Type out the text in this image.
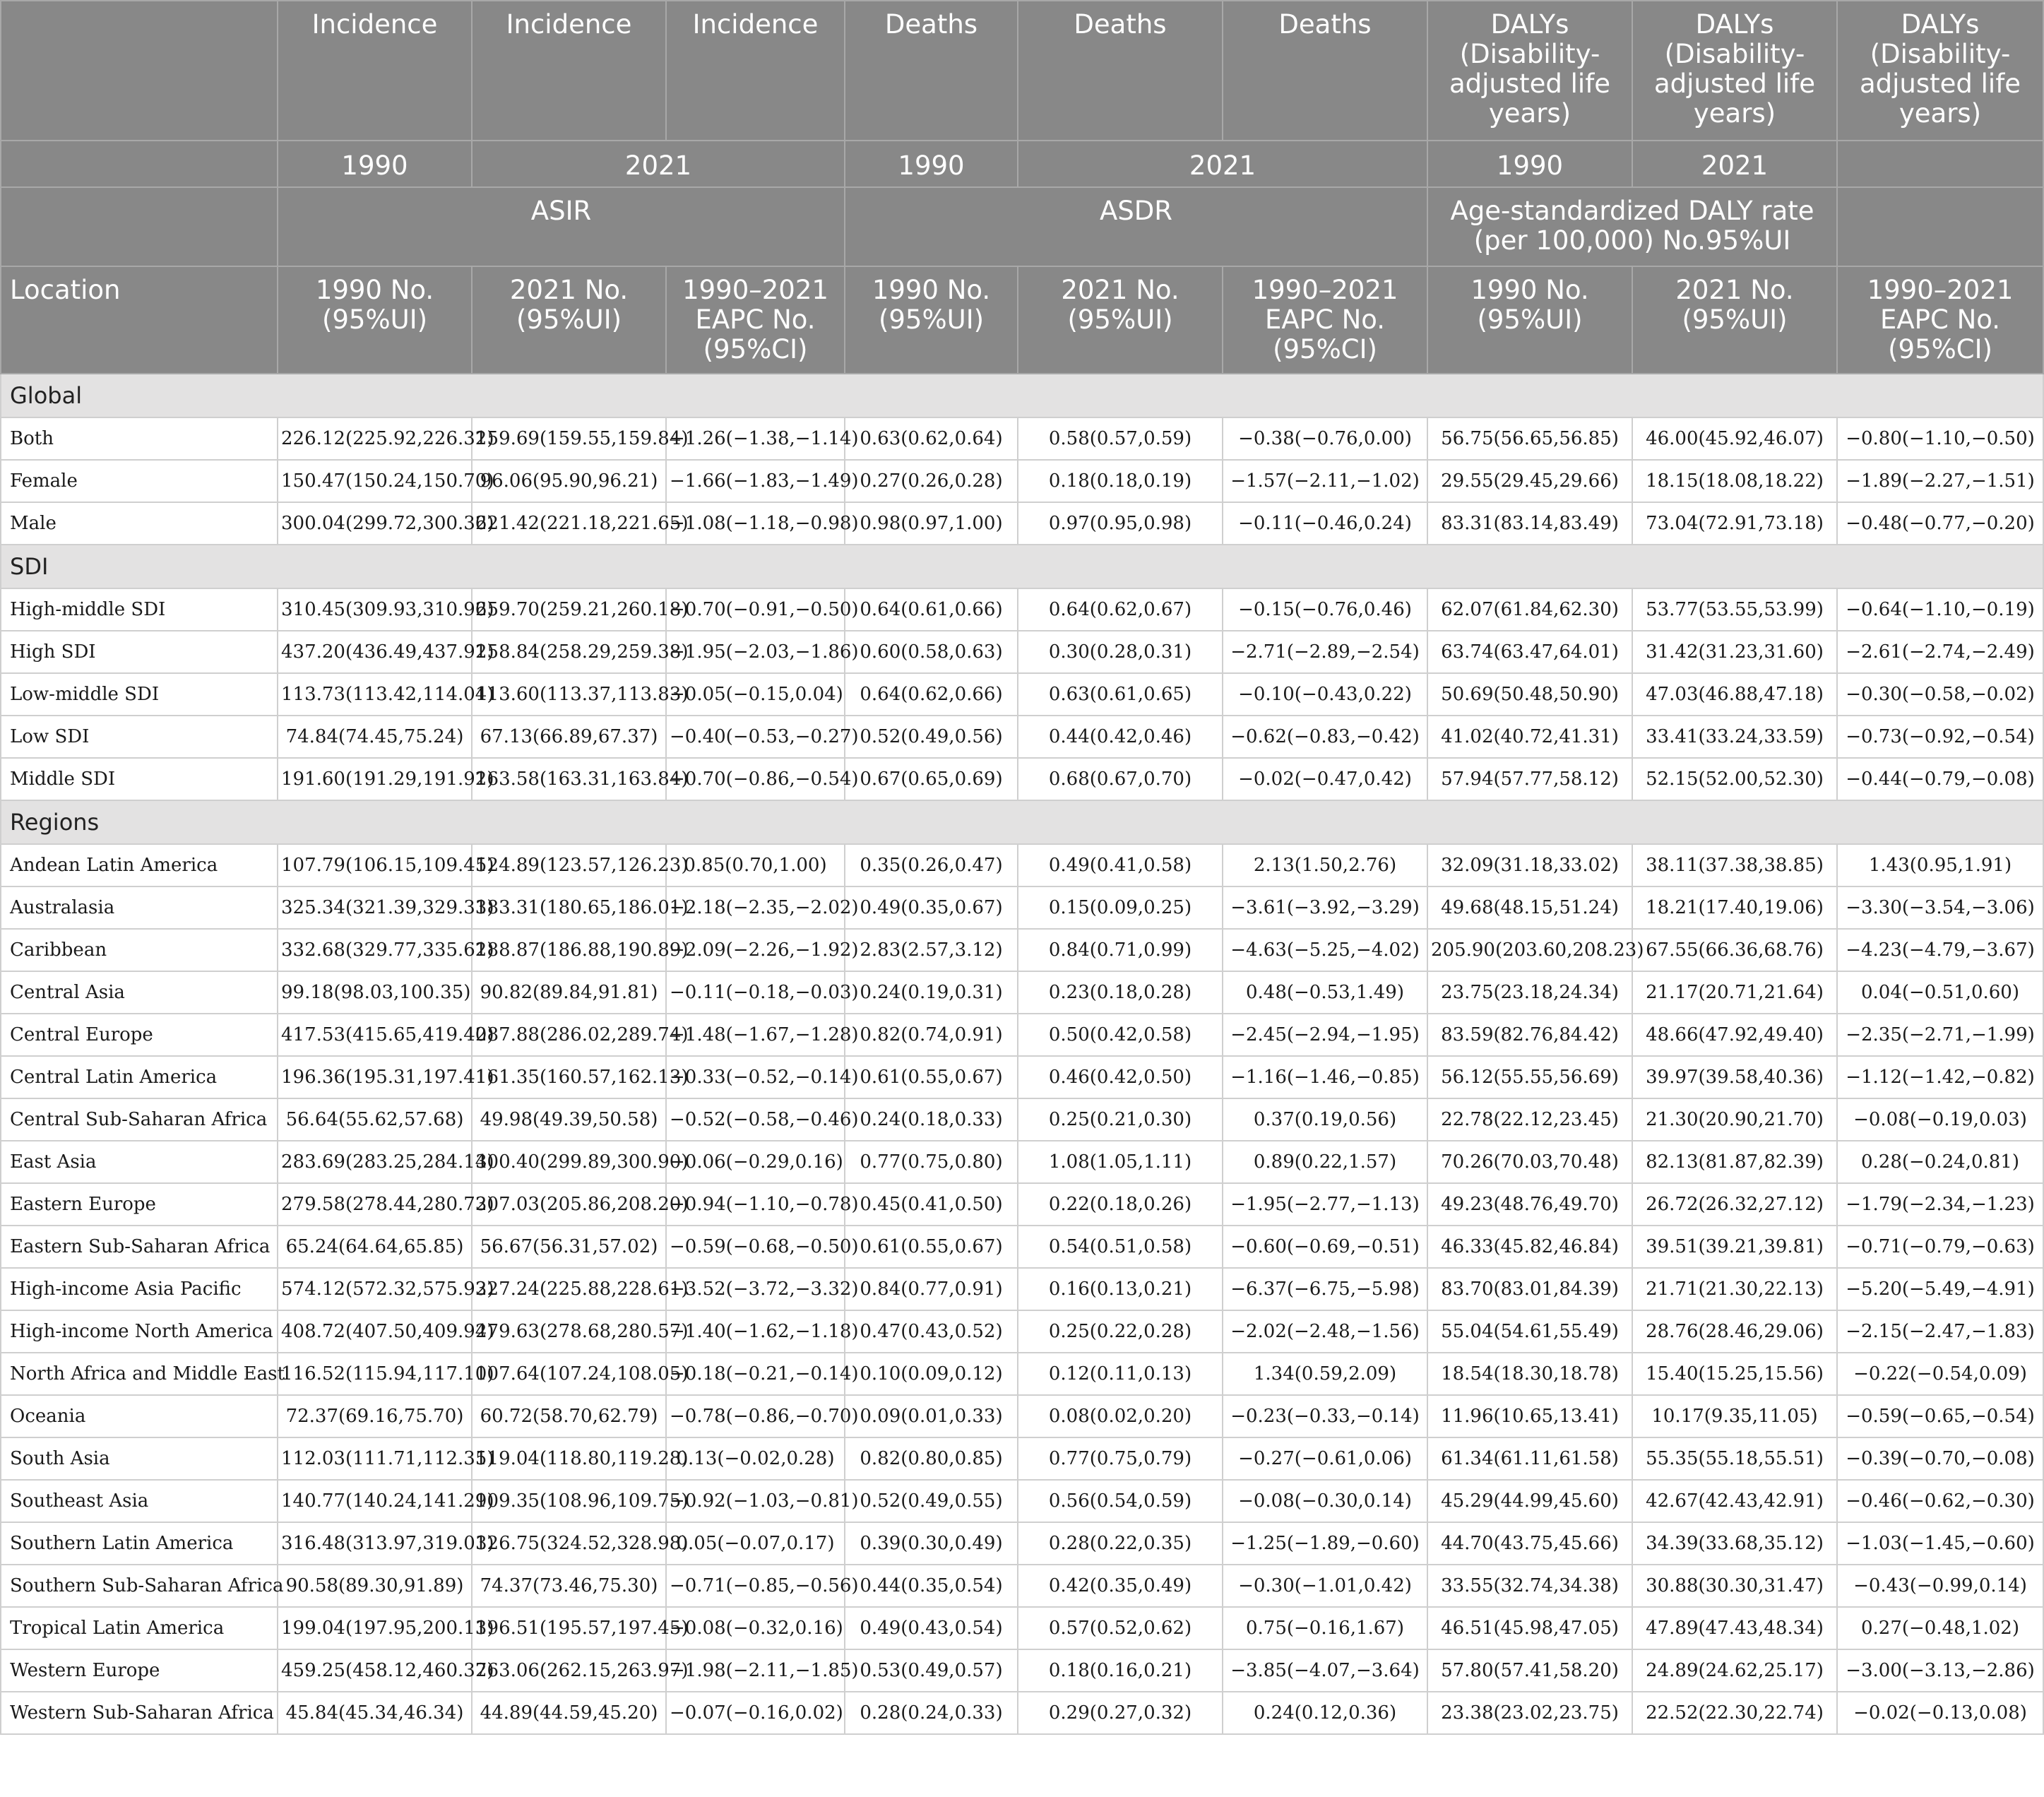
	Incidence	Incidence	Incidence	Deaths	Deaths	Deaths	DALYs (Disability-adjusted life years)	DALYs (Disability-adjusted life years)	DALYs (Disability-adjusted life years)
	1990	2021		1990	2021		1990	2021	
	ASIR			ASDR			Age-standardized DALY rate (per 100,000) No.95%UI		
Location	1990 No.(95%UI)	2021 No.(95%UI)	1990–2021 EAPC No.(95%CI)	1990 No.(95%UI)	2021 No.(95%UI)	1990–2021 EAPC No.(95%CI)	1990 No.(95%UI)	2021 No.(95%UI)	1990–2021 EAPC No.(95%CI)
Global									
Both	226.12(225.92,226.32)	159.69(159.55,159.84)	−1.26(−1.38,−1.14)	0.63(0.62,0.64)	0.58(0.57,0.59)	−0.38(−0.76,0.00)	56.75(56.65,56.85)	46.00(45.92,46.07)	−0.80(−1.10,−0.50)
Female	150.47(150.24,150.70)	96.06(95.90,96.21)	−1.66(−1.83,−1.49)	0.27(0.26,0.28)	0.18(0.18,0.19)	−1.57(−2.11,−1.02)	29.55(29.45,29.66)	18.15(18.08,18.22)	−1.89(−2.27,−1.51)
Male	300.04(299.72,300.36)	221.42(221.18,221.65)	−1.08(−1.18,−0.98)	0.98(0.97,1.00)	0.97(0.95,0.98)	−0.11(−0.46,0.24)	83.31(83.14,83.49)	73.04(72.91,73.18)	−0.48(−0.77,−0.20)
SDI									
High-middle SDI	310.45(309.93,310.96)	259.70(259.21,260.18)	−0.70(−0.91,−0.50)	0.64(0.61,0.66)	0.64(0.62,0.67)	−0.15(−0.76,0.46)	62.07(61.84,62.30)	53.77(53.55,53.99)	−0.64(−1.10,−0.19)
High SDI	437.20(436.49,437.91)	258.84(258.29,259.38)	−1.95(−2.03,−1.86)	0.60(0.58,0.63)	0.30(0.28,0.31)	−2.71(−2.89,−2.54)	63.74(63.47,64.01)	31.42(31.23,31.60)	−2.61(−2.74,−2.49)
Low-middle SDI	113.73(113.42,114.04)	113.60(113.37,113.83)	−0.05(−0.15,0.04)	0.64(0.62,0.66)	0.63(0.61,0.65)	−0.10(−0.43,0.22)	50.69(50.48,50.90)	47.03(46.88,47.18)	−0.30(−0.58,−0.02)
Low SDI	74.84(74.45,75.24)	67.13(66.89,67.37)	−0.40(−0.53,−0.27)	0.52(0.49,0.56)	0.44(0.42,0.46)	−0.62(−0.83,−0.42)	41.02(40.72,41.31)	33.41(33.24,33.59)	−0.73(−0.92,−0.54)
Middle SDI	191.60(191.29,191.92)	163.58(163.31,163.84)	−0.70(−0.86,−0.54)	0.67(0.65,0.69)	0.68(0.67,0.70)	−0.02(−0.47,0.42)	57.94(57.77,58.12)	52.15(52.00,52.30)	−0.44(−0.79,−0.08)
Regions									
Andean Latin America	107.79(106.15,109.45)	124.89(123.57,126.23)	0.85(0.70,1.00)	0.35(0.26,0.47)	0.49(0.41,0.58)	2.13(1.50,2.76)	32.09(31.18,33.02)	38.11(37.38,38.85)	1.43(0.95,1.91)
Australasia	325.34(321.39,329.33)	183.31(180.65,186.01)	−2.18(−2.35,−2.02)	0.49(0.35,0.67)	0.15(0.09,0.25)	−3.61(−3.92,−3.29)	49.68(48.15,51.24)	18.21(17.40,19.06)	−3.30(−3.54,−3.06)
Caribbean	332.68(329.77,335.62)	188.87(186.88,190.89)	−2.09(−2.26,−1.92)	2.83(2.57,3.12)	0.84(0.71,0.99)	−4.63(−5.25,−4.02)	205.90(203.60,208.23)	67.55(66.36,68.76)	−4.23(−4.79,−3.67)
Central Asia	99.18(98.03,100.35)	90.82(89.84,91.81)	−0.11(−0.18,−0.03)	0.24(0.19,0.31)	0.23(0.18,0.28)	0.48(−0.53,1.49)	23.75(23.18,24.34)	21.17(20.71,21.64)	0.04(−0.51,0.60)
Central Europe	417.53(415.65,419.40)	287.88(286.02,289.74)	−1.48(−1.67,−1.28)	0.82(0.74,0.91)	0.50(0.42,0.58)	−2.45(−2.94,−1.95)	83.59(82.76,84.42)	48.66(47.92,49.40)	−2.35(−2.71,−1.99)
Central Latin America	196.36(195.31,197.41)	161.35(160.57,162.13)	−0.33(−0.52,−0.14)	0.61(0.55,0.67)	0.46(0.42,0.50)	−1.16(−1.46,−0.85)	56.12(55.55,56.69)	39.97(39.58,40.36)	−1.12(−1.42,−0.82)
Central Sub-Saharan Africa	56.64(55.62,57.68)	49.98(49.39,50.58)	−0.52(−0.58,−0.46)	0.24(0.18,0.33)	0.25(0.21,0.30)	0.37(0.19,0.56)	22.78(22.12,23.45)	21.30(20.90,21.70)	−0.08(−0.19,0.03)
East Asia	283.69(283.25,284.14)	300.40(299.89,300.90)	−0.06(−0.29,0.16)	0.77(0.75,0.80)	1.08(1.05,1.11)	0.89(0.22,1.57)	70.26(70.03,70.48)	82.13(81.87,82.39)	0.28(−0.24,0.81)
Eastern Europe	279.58(278.44,280.73)	207.03(205.86,208.20)	−0.94(−1.10,−0.78)	0.45(0.41,0.50)	0.22(0.18,0.26)	−1.95(−2.77,−1.13)	49.23(48.76,49.70)	26.72(26.32,27.12)	−1.79(−2.34,−1.23)
Eastern Sub-Saharan Africa	65.24(64.64,65.85)	56.67(56.31,57.02)	−0.59(−0.68,−0.50)	0.61(0.55,0.67)	0.54(0.51,0.58)	−0.60(−0.69,−0.51)	46.33(45.82,46.84)	39.51(39.21,39.81)	−0.71(−0.79,−0.63)
High-income Asia Pacific	574.12(572.32,575.93)	227.24(225.88,228.61)	−3.52(−3.72,−3.32)	0.84(0.77,0.91)	0.16(0.13,0.21)	−6.37(−6.75,−5.98)	83.70(83.01,84.39)	21.71(21.30,22.13)	−5.20(−5.49,−4.91)
High-income North America	408.72(407.50,409.94)	279.63(278.68,280.57)	−1.40(−1.62,−1.18)	0.47(0.43,0.52)	0.25(0.22,0.28)	−2.02(−2.48,−1.56)	55.04(54.61,55.49)	28.76(28.46,29.06)	−2.15(−2.47,−1.83)
North Africa and Middle East	116.52(115.94,117.10)	107.64(107.24,108.05)	−0.18(−0.21,−0.14)	0.10(0.09,0.12)	0.12(0.11,0.13)	1.34(0.59,2.09)	18.54(18.30,18.78)	15.40(15.25,15.56)	−0.22(−0.54,0.09)
Oceania	72.37(69.16,75.70)	60.72(58.70,62.79)	−0.78(−0.86,−0.70)	0.09(0.01,0.33)	0.08(0.02,0.20)	−0.23(−0.33,−0.14)	11.96(10.65,13.41)	10.17(9.35,11.05)	−0.59(−0.65,−0.54)
South Asia	112.03(111.71,112.35)	119.04(118.80,119.28)	0.13(−0.02,0.28)	0.82(0.80,0.85)	0.77(0.75,0.79)	−0.27(−0.61,0.06)	61.34(61.11,61.58)	55.35(55.18,55.51)	−0.39(−0.70,−0.08)
Southeast Asia	140.77(140.24,141.29)	109.35(108.96,109.75)	−0.92(−1.03,−0.81)	0.52(0.49,0.55)	0.56(0.54,0.59)	−0.08(−0.30,0.14)	45.29(44.99,45.60)	42.67(42.43,42.91)	−0.46(−0.62,−0.30)
Southern Latin America	316.48(313.97,319.01)	326.75(324.52,328.98)	0.05(−0.07,0.17)	0.39(0.30,0.49)	0.28(0.22,0.35)	−1.25(−1.89,−0.60)	44.70(43.75,45.66)	34.39(33.68,35.12)	−1.03(−1.45,−0.60)
Southern Sub-Saharan Africa	90.58(89.30,91.89)	74.37(73.46,75.30)	−0.71(−0.85,−0.56)	0.44(0.35,0.54)	0.42(0.35,0.49)	−0.30(−1.01,0.42)	33.55(32.74,34.38)	30.88(30.30,31.47)	−0.43(−0.99,0.14)
Tropical Latin America	199.04(197.95,200.13)	196.51(195.57,197.45)	−0.08(−0.32,0.16)	0.49(0.43,0.54)	0.57(0.52,0.62)	0.75(−0.16,1.67)	46.51(45.98,47.05)	47.89(47.43,48.34)	0.27(−0.48,1.02)
Western Europe	459.25(458.12,460.37)	263.06(262.15,263.97)	−1.98(−2.11,−1.85)	0.53(0.49,0.57)	0.18(0.16,0.21)	−3.85(−4.07,−3.64)	57.80(57.41,58.20)	24.89(24.62,25.17)	−3.00(−3.13,−2.86)
Western Sub-Saharan Africa	45.84(45.34,46.34)	44.89(44.59,45.20)	−0.07(−0.16,0.02)	0.28(0.24,0.33)	0.29(0.27,0.32)	0.24(0.12,0.36)	23.38(23.02,23.75)	22.52(22.30,22.74)	−0.02(−0.13,0.08)
